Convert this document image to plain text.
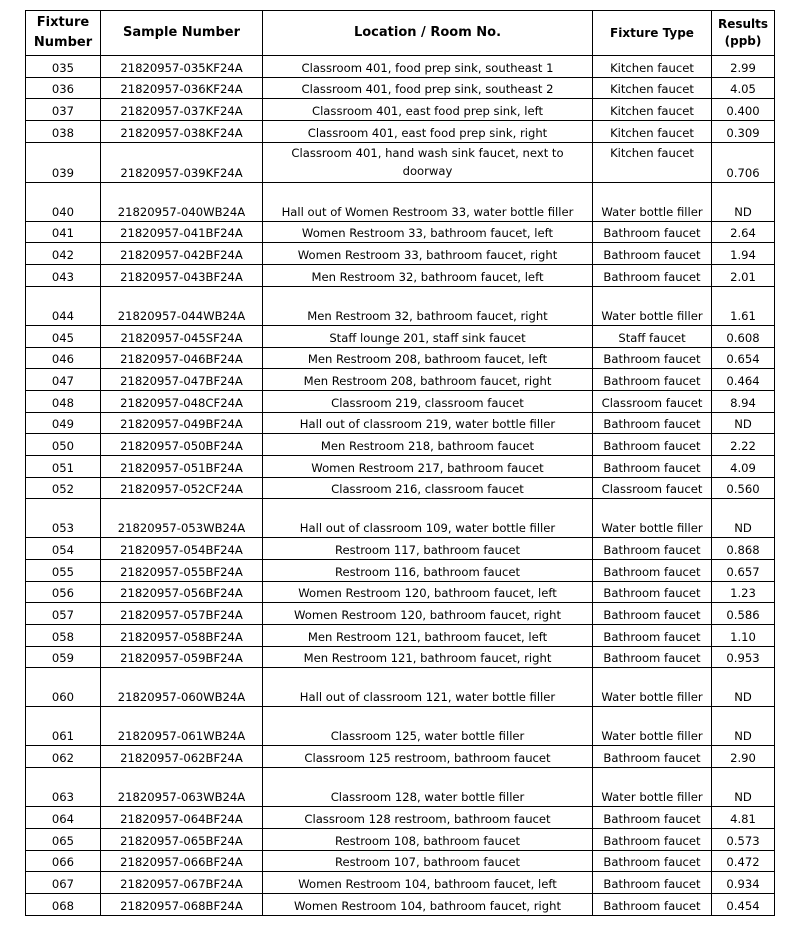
Fixture Number	Sample Number	Location / Room No.	Fixture Type	Results (ppb)
035	21820957-035KF24A	Classroom 401, food prep sink, southeast 1	Kitchen faucet	2.99
036	21820957-036KF24A	Classroom 401, food prep sink, southeast 2	Kitchen faucet	4.05
037	21820957-037KF24A	Classroom 401, east food prep sink, left	Kitchen faucet	0.400
038	21820957-038KF24A	Classroom 401, east food prep sink, right	Kitchen faucet	0.309
039	21820957-039KF24A	Classroom 401, hand wash sink faucet, next to doorway	Kitchen faucet	0.706
040	21820957-040WB24A	Hall out of Women Restroom 33, water bottle filler	Water bottle filler	ND
041	21820957-041BF24A	Women Restroom 33, bathroom faucet, left	Bathroom faucet	2.64
042	21820957-042BF24A	Women Restroom 33, bathroom faucet, right	Bathroom faucet	1.94
043	21820957-043BF24A	Men Restroom 32, bathroom faucet, left	Bathroom faucet	2.01
044	21820957-044WB24A	Men Restroom 32, bathroom faucet, right	Water bottle filler	1.61
045	21820957-045SF24A	Staff lounge 201, staff sink faucet	Staff faucet	0.608
046	21820957-046BF24A	Men Restroom 208, bathroom faucet, left	Bathroom faucet	0.654
047	21820957-047BF24A	Men Restroom 208, bathroom faucet, right	Bathroom faucet	0.464
048	21820957-048CF24A	Classroom 219, classroom faucet	Classroom faucet	8.94
049	21820957-049BF24A	Hall out of classroom 219, water bottle filler	Bathroom faucet	ND
050	21820957-050BF24A	Men Restroom 218, bathroom faucet	Bathroom faucet	2.22
051	21820957-051BF24A	Women Restroom 217, bathroom faucet	Bathroom faucet	4.09
052	21820957-052CF24A	Classroom 216, classroom faucet	Classroom faucet	0.560
053	21820957-053WB24A	Hall out of classroom 109, water bottle filler	Water bottle filler	ND
054	21820957-054BF24A	Restroom 117, bathroom faucet	Bathroom faucet	0.868
055	21820957-055BF24A	Restroom 116, bathroom faucet	Bathroom faucet	0.657
056	21820957-056BF24A	Women Restroom 120, bathroom faucet, left	Bathroom faucet	1.23
057	21820957-057BF24A	Women Restroom 120, bathroom faucet, right	Bathroom faucet	0.586
058	21820957-058BF24A	Men Restroom 121, bathroom faucet, left	Bathroom faucet	1.10
059	21820957-059BF24A	Men Restroom 121, bathroom faucet, right	Bathroom faucet	0.953
060	21820957-060WB24A	Hall out of classroom 121, water bottle filler	Water bottle filler	ND
061	21820957-061WB24A	Classroom 125, water bottle filler	Water bottle filler	ND
062	21820957-062BF24A	Classroom 125 restroom, bathroom faucet	Bathroom faucet	2.90
063	21820957-063WB24A	Classroom 128, water bottle filler	Water bottle filler	ND
064	21820957-064BF24A	Classroom 128 restroom, bathroom faucet	Bathroom faucet	4.81
065	21820957-065BF24A	Restroom 108, bathroom faucet	Bathroom faucet	0.573
066	21820957-066BF24A	Restroom 107, bathroom faucet	Bathroom faucet	0.472
067	21820957-067BF24A	Women Restroom 104, bathroom faucet, left	Bathroom faucet	0.934
068	21820957-068BF24A	Women Restroom 104, bathroom faucet, right	Bathroom faucet	0.454
